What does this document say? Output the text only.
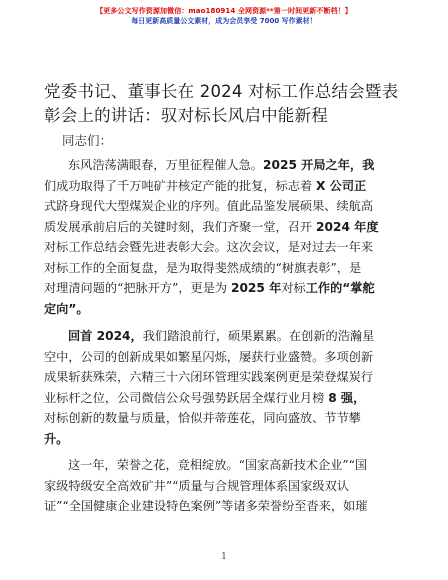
【更多公文写作资源加微信：mao180914 全网资源**第一时间更新不断档！】
每日更新高质量公文素材，成为会员享受 7000 写作素材！
党委书记、董事长在 2024 对标工作总结会暨表彰会上的讲话：驭对标长风启中能新程
同志们：
东风浩荡满眼春，万里征程催人急。2025 开局之年，我
们成功取得了千万吨矿井核定产能的批复，标志着 X 公司正
式跻身现代大型煤炭企业的序列。值此品鉴发展硕果、续航高
质发展承前启后的关键时刻，我们齐聚一堂，召开 2024 年度
对标工作总结会暨先进表彰大会。这次会议，是对过去一年来
对标工作的全面复盘，是为取得斐然成绩的“树旗表彰”，是
对理清问题的“把脉开方”，更是为 2025 年对标工作的“掌舵
定向”。
回首 2024，我们踏浪前行，硕果累累。在创新的浩瀚星
空中，公司的创新成果如繁星闪烁，屡获行业盛赞。多项创新
成果斩获殊荣，六精三十六闭环管理实践案例更是荣登煤炭行
业标杆之位，公司微信公众号强势跃居全煤行业月榜 8 强，
对标创新的数量与质量，恰似并蒂莲花，同向盛放、节节攀
升。
这一年，荣誉之花，竞相绽放。“国家高新技术企业”“国
家级特级安全高效矿井”“质量与合规管理体系国家级双认
证”“全国健康企业建设特色案例”等诸多荣誉纷至沓来，如璀
1
